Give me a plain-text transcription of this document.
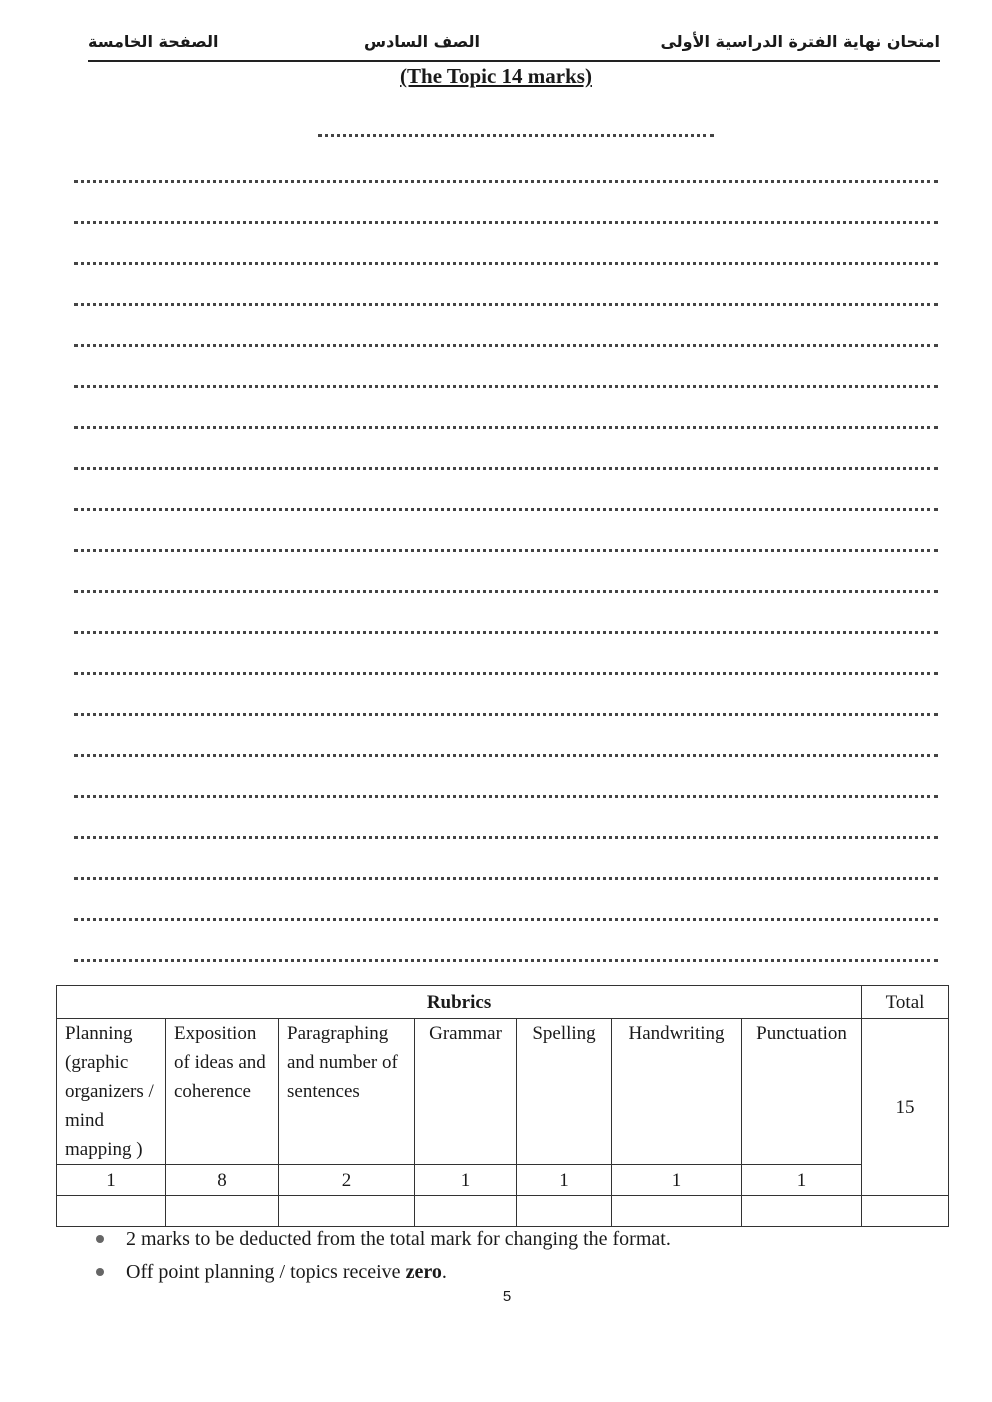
الصفحة الخامسة	الصف السادس	امتحان نهاية الفترة الدراسية الأولى
(The Topic 14 marks)
Rubrics							Total
Planning (graphic organizers / mind mapping )	Exposition of ideas and coherence	Paragraphing and number of sentences	Grammar	Spelling	Handwriting	Punctuation	15
1	8	2	1	1	1	1	

2 marks to be deducted from the total mark for changing the format.
Off point planning / topics receive zero.
5
